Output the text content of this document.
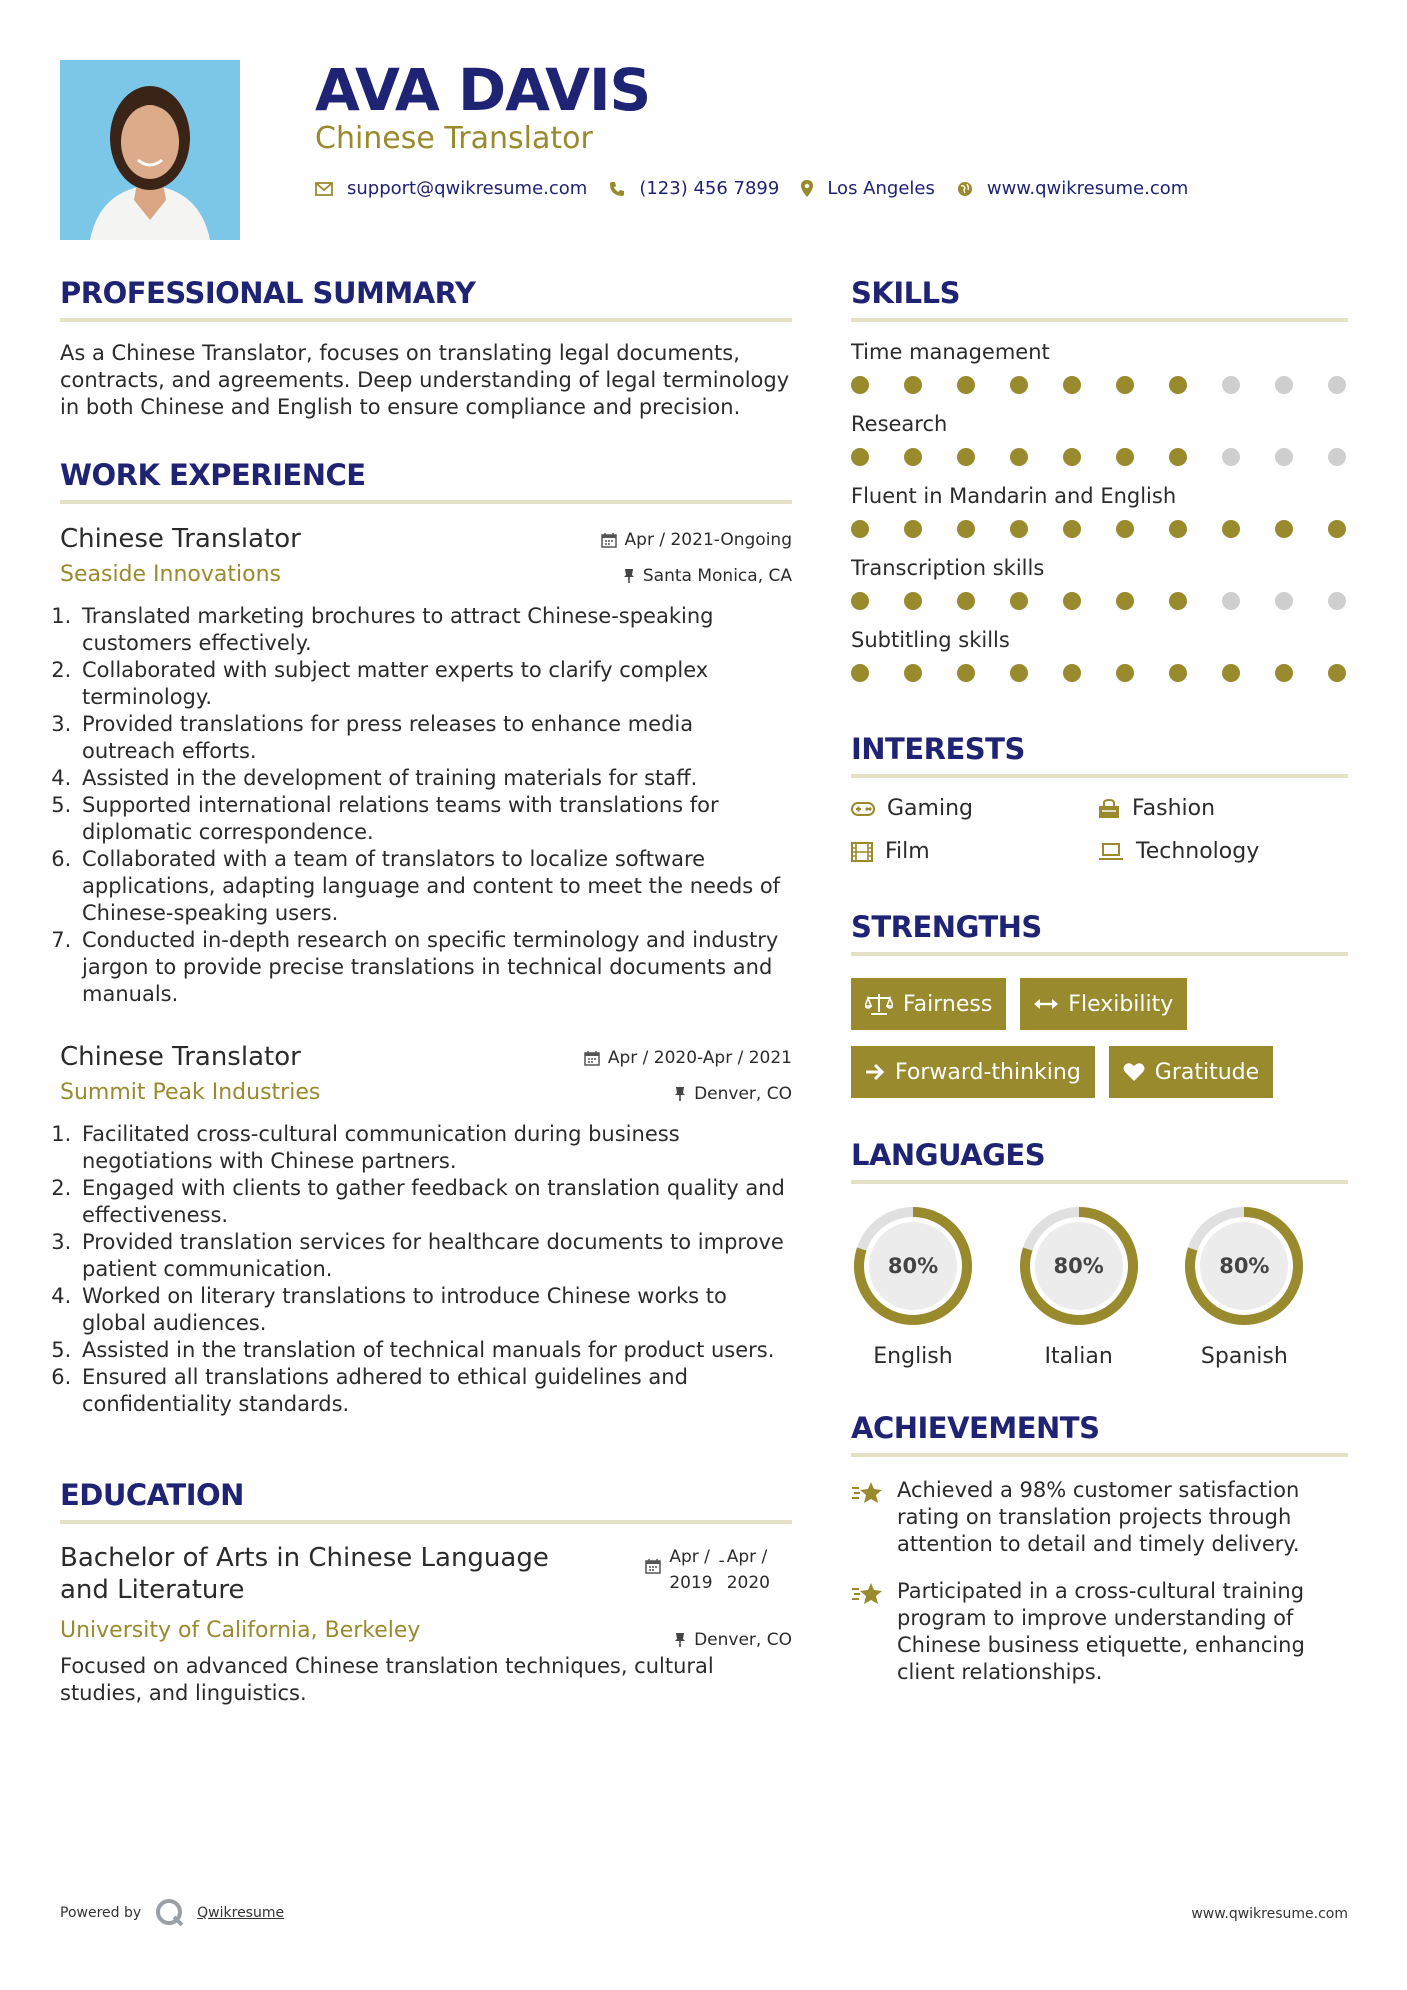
AVA DAVIS
Chinese Translator
support@qwikresume.com	(123) 456 7899	Los Angeles	www.qwikresume.com
PROFESSIONAL SUMMARY
As a Chinese Translator, focuses on translating legal documents, contracts, and agreements. Deep understanding of legal terminology in both Chinese and English to ensure compliance and precision.
WORK EXPERIENCE
Chinese Translator
Seaside Innovations
Apr / 2021-Ongoing
Santa Monica, CA
1. Translated marketing brochures to attract Chinese-speaking customers effectively.
2. Collaborated with subject matter experts to clarify complex terminology.
3. Provided translations for press releases to enhance media outreach efforts.
4. Assisted in the development of training materials for staff.
5. Supported international relations teams with translations for diplomatic correspondence.
6. Collaborated with a team of translators to localize software applications, adapting language and content to meet the needs of Chinese-speaking users.
7. Conducted in-depth research on specific terminology and industry jargon to provide precise translations in technical documents and manuals.
Chinese Translator
Summit Peak Industries
Apr / 2020-Apr / 2021
Denver, CO
1. Facilitated cross-cultural communication during business negotiations with Chinese partners.
2. Engaged with clients to gather feedback on translation quality and effectiveness.
3. Provided translation services for healthcare documents to improve patient communication.
4. Worked on literary translations to introduce Chinese works to global audiences.
5. Assisted in the translation of technical manuals for product users.
6. Ensured all translations adhered to ethical guidelines and confidentiality standards.
EDUCATION
Bachelor of Arts in Chinese Language
and Literature
University of California, Berkeley
Apr /
2019
- Apr /
2020
Denver, CO
Focused on advanced Chinese translation techniques, cultural studies, and linguistics.
SKILLS
Time management
Research
Fluent in Mandarin and English
Transcription skills
Subtitling skills
INTERESTS
Gaming	Fashion
Film	Technology
STRENGTHS
Fairness	Flexibility
Forward-thinking	Gratitude
LANGUAGES
80%
English
80%
Italian
80%
Spanish
ACHIEVEMENTS
Achieved a 98% customer satisfaction rating on translation projects through attention to detail and timely delivery.
Participated in a cross-cultural training program to improve understanding of Chinese business etiquette, enhancing client relationships.
Powered by	Qwikresume	www.qwikresume.com
